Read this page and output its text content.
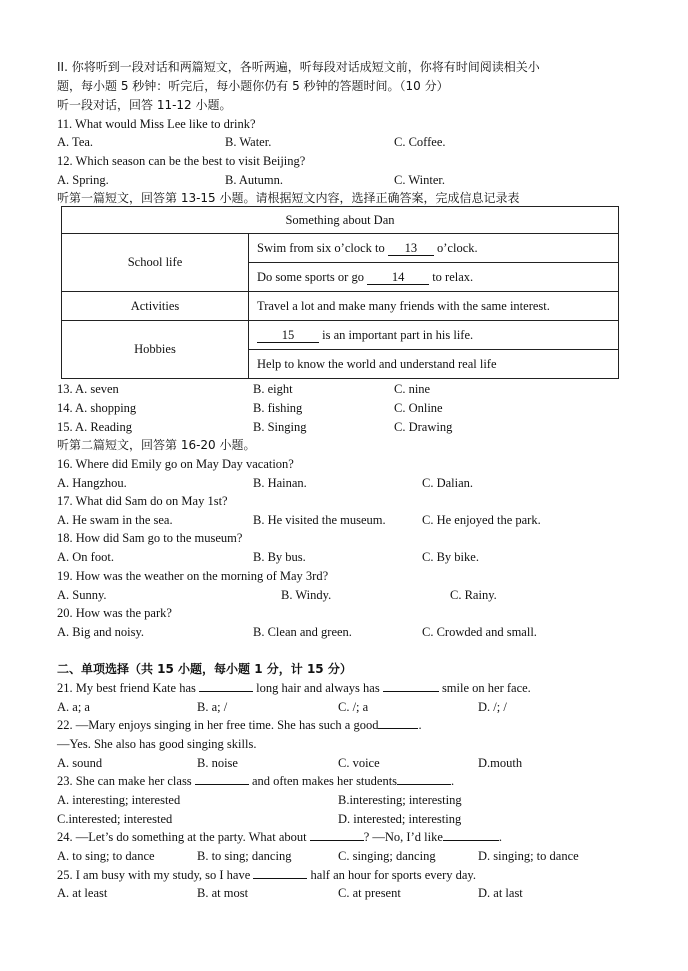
II. 你将听到一段对话和两篇短文，各听两遍，听每段对话成短文前，你将有时间阅读相关小
题，每小题 5 秒钟：听完后，每小题你仍有 5 秒钟的答题时间。（10 分）
听一段对话，回答 11-12 小题。
11. What would Miss Lee like to drink?
A. Tea.	B. Water.	C. Coffee.
12. Which season can be the best to visit Beijing?
A. Spring.	B. Autumn.	C. Winter.
听第一篇短文，回答第 13-15 小题。请根据短文内容，选择正确答案，完成信息记录表
Something about Dan	
School life	Swim from six o’clock to 13 o’clock.
	Do some sports or go 14 to relax.
Activities	Travel a lot and make many friends with the same interest.
Hobbies	15 is an important part in his life.
	Help to know the world and understand real life
13. A. seven	B. eight	C. nine
14. A. shopping	B. fishing	C. Online
15. A. Reading	B. Singing	C. Drawing
听第二篇短文，回答第 16-20 小题。
16. Where did Emily go on May Day vacation?
A. Hangzhou.	B. Hainan.	C. Dalian.
17. What did Sam do on May 1st?
A. He swam in the sea.	B. He visited the museum.	C. He enjoyed the park.
18. How did Sam go to the museum?
A. On foot.	B. By bus.	C. By bike.
19. How was the weather on the morning of May 3rd?
A. Sunny.	B. Windy.	C. Rainy.
20. How was the park?
A. Big and noisy.	B. Clean and green.	C. Crowded and small.
二、单项选择（共 15 小题，每小题 1 分，计 15 分）
21. My best friend Kate has	long hair and always has	smile on her face.
A. a; a	B. a; /	C. /; a	D. /; /
22. —Mary enjoys singing in her free time. She has such a good	.
—Yes. She also has good singing skills.
A. sound	B. noise	C. voice	D.mouth
23. She can make her class	and often makes her students	.
A. interesting; interested	B.interesting; interesting
C.interested; interested	D. interested; interesting
24. —Let’s do something at the party. What about	? —No, I’d like	.
A. to sing; to dance	B. to sing; dancing	C. singing; dancing	D. singing; to dance
25. I am busy with my study, so I have	half an hour for sports every day.
A. at least	B. at most	C. at present	D. at last
